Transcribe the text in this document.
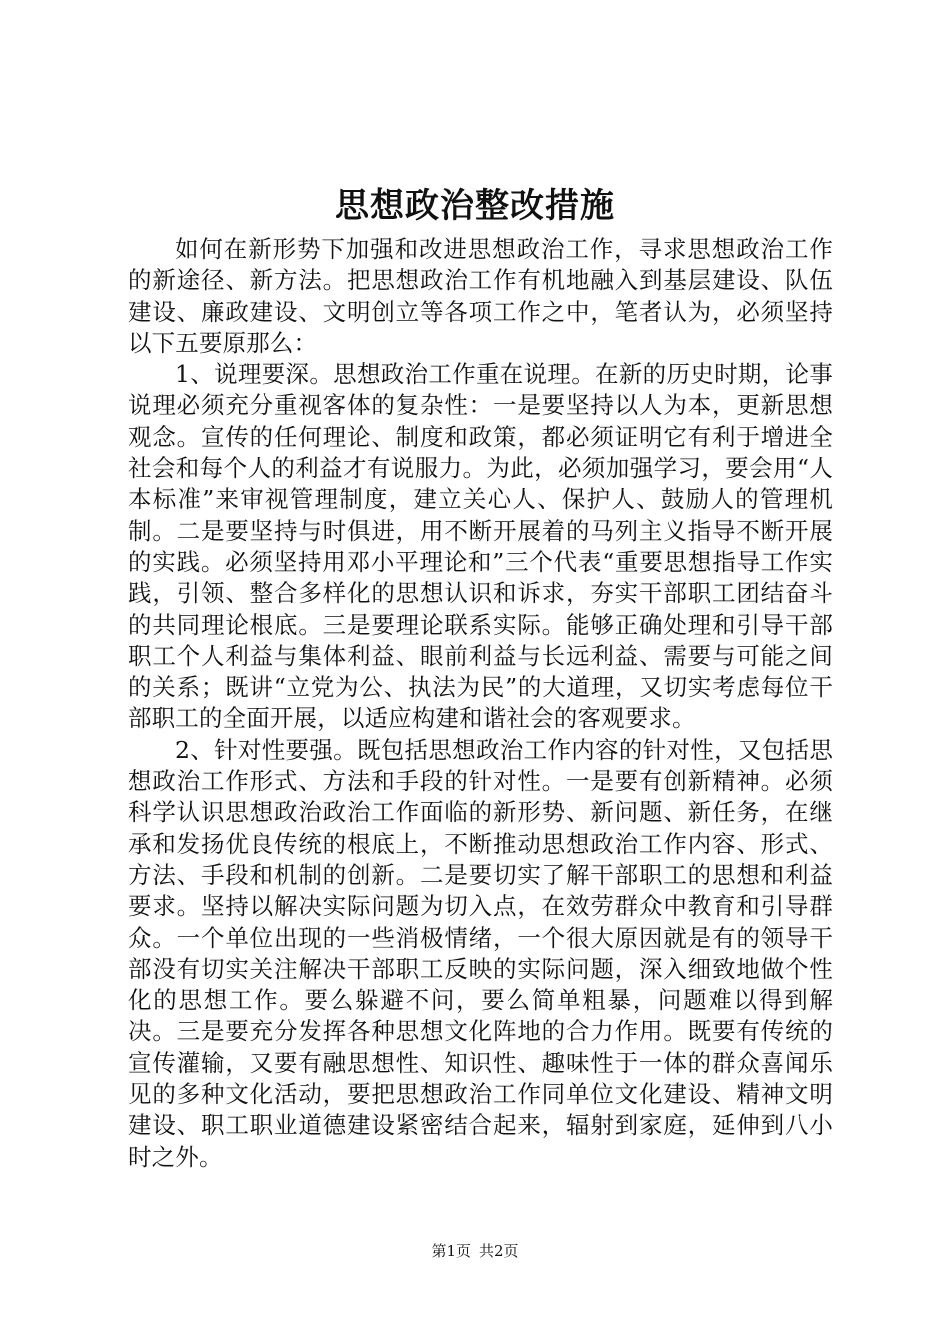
思想政治整改措施

如何在新形势下加强和改进思想政治工作，寻求思想政治工作的新途径、新方法。把思想政治工作有机地融入到基层建设、队伍建设、廉政建设、文明创立等各项工作之中，笔者认为，必须坚持以下五要原那么：

1、说理要深。思想政治工作重在说理。在新的历史时期，论事说理必须充分重视客体的复杂性：一是要坚持以人为本，更新思想观念。宣传的任何理论、制度和政策，都必须证明它有利于增进全社会和每个人的利益才有说服力。为此，必须加强学习，要会用“人本标准”来审视管理制度，建立关心人、保护人、鼓励人的管理机制。二是要坚持与时俱进，用不断开展着的马列主义指导不断开展的实践。必须坚持用邓小平理论和”三个代表“重要思想指导工作实践，引领、整合多样化的思想认识和诉求，夯实干部职工团结奋斗的共同理论根底。三是要理论联系实际。能够正确处理和引导干部职工个人利益与集体利益、眼前利益与长远利益、需要与可能之间的关系；既讲“立党为公、执法为民”的大道理，又切实考虑每位干部职工的全面开展，以适应构建和谐社会的客观要求。

2、针对性要强。既包括思想政治工作内容的针对性，又包括思想政治工作形式、方法和手段的针对性。一是要有创新精神。必须科学认识思想政治政治工作面临的新形势、新问题、新任务，在继承和发扬优良传统的根底上，不断推动思想政治工作内容、形式、方法、手段和机制的创新。二是要切实了解干部职工的思想和利益要求。坚持以解决实际问题为切入点，在效劳群众中教育和引导群众。一个单位出现的一些消极情绪，一个很大原因就是有的领导干部没有切实关注解决干部职工反映的实际问题，深入细致地做个性化的思想工作。要么躲避不问，要么简单粗暴，问题难以得到解决。三是要充分发挥各种思想文化阵地的合力作用。既要有传统的宣传灌输，又要有融思想性、知识性、趣味性于一体的群众喜闻乐见的多种文化活动，要把思想政治工作同单位文化建设、精神文明建设、职工职业道德建设紧密结合起来，辐射到家庭，延伸到八小时之外。

第1页 共2页
